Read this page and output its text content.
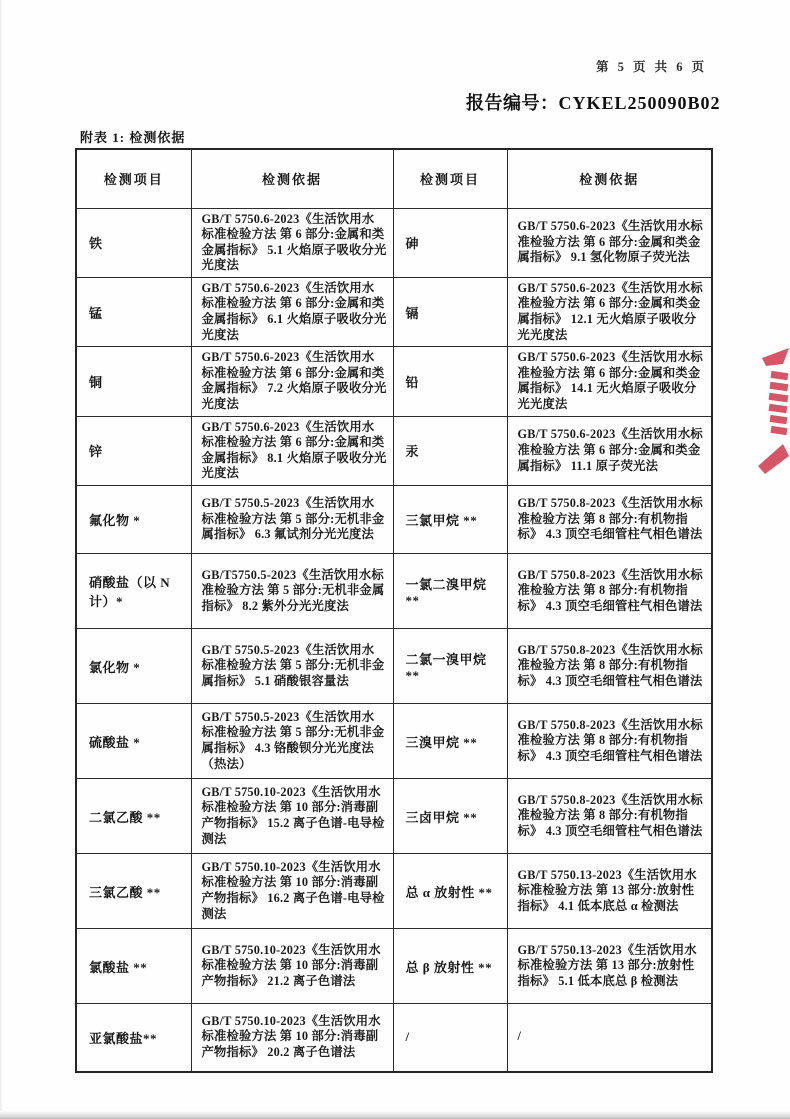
第 5 页 共 6 页
报告编号：CYKEL250090B02
附表 1: 检测依据
检测项目	检测依据	检测项目	检测依据
铁	GB/T 5750.6-2023《生活饮用水标准检验方法 第 6 部分:金属和类金属指标》 5.1 火焰原子吸收分光光度法	砷	GB/T 5750.6-2023《生活饮用水标准检验方法 第 6 部分:金属和类金属指标》 9.1 氢化物原子荧光法
锰	GB/T 5750.6-2023《生活饮用水标准检验方法 第 6 部分:金属和类金属指标》 6.1 火焰原子吸收分光光度法	镉	GB/T 5750.6-2023《生活饮用水标准检验方法 第 6 部分:金属和类金属指标》 12.1 无火焰原子吸收分光光度法
铜	GB/T 5750.6-2023《生活饮用水标准检验方法 第 6 部分:金属和类金属指标》 7.2 火焰原子吸收分光光度法	铅	GB/T 5750.6-2023《生活饮用水标准检验方法 第 6 部分:金属和类金属指标》 14.1 无火焰原子吸收分光光度法
锌	GB/T 5750.6-2023《生活饮用水标准检验方法 第 6 部分:金属和类金属指标》 8.1 火焰原子吸收分光光度法	汞	GB/T 5750.6-2023《生活饮用水标准检验方法 第 6 部分:金属和类金属指标》 11.1 原子荧光法
氟化物 *	GB/T 5750.5-2023《生活饮用水标准检验方法 第 5 部分:无机非金属指标》 6.3 氟试剂分光光度法	三氯甲烷 **	GB/T 5750.8-2023《生活饮用水标准检验方法 第 8 部分:有机物指标》 4.3 顶空毛细管柱气相色谱法
硝酸盐（以 N 计）*	GB/T5750.5-2023《生活饮用水标准检验方法 第 5 部分:无机非金属指标》 8.2 紫外分光光度法	一氯二溴甲烷 **	GB/T 5750.8-2023《生活饮用水标准检验方法 第 8 部分:有机物指标》 4.3 顶空毛细管柱气相色谱法
氯化物 *	GB/T 5750.5-2023《生活饮用水标准检验方法 第 5 部分:无机非金属指标》 5.1 硝酸银容量法	二氯一溴甲烷 **	GB/T 5750.8-2023《生活饮用水标准检验方法 第 8 部分:有机物指标》 4.3 顶空毛细管柱气相色谱法
硫酸盐 *	GB/T 5750.5-2023《生活饮用水标准检验方法 第 5 部分:无机非金属指标》 4.3 铬酸钡分光光度法（热法）	三溴甲烷 **	GB/T 5750.8-2023《生活饮用水标准检验方法 第 8 部分:有机物指标》 4.3 顶空毛细管柱气相色谱法
二氯乙酸 **	GB/T 5750.10-2023《生活饮用水标准检验方法 第 10 部分:消毒副产物指标》 15.2 离子色谱-电导检测法	三卤甲烷 **	GB/T 5750.8-2023《生活饮用水标准检验方法 第 8 部分:有机物指标》 4.3 顶空毛细管柱气相色谱法
三氯乙酸 **	GB/T 5750.10-2023《生活饮用水标准检验方法 第 10 部分:消毒副产物指标》 16.2 离子色谱-电导检测法	总 α 放射性 **	GB/T 5750.13-2023《生活饮用水标准检验方法 第 13 部分:放射性指标》 4.1 低本底总 α 检测法
氯酸盐 **	GB/T 5750.10-2023《生活饮用水标准检验方法 第 10 部分:消毒副产物指标》 21.2 离子色谱法	总 β 放射性 **	GB/T 5750.13-2023《生活饮用水标准检验方法 第 13 部分:放射性指标》 5.1 低本底总 β 检测法
亚氯酸盐**	GB/T 5750.10-2023《生活饮用水标准检验方法 第 10 部分:消毒副产物指标》 20.2 离子色谱法	/	/
